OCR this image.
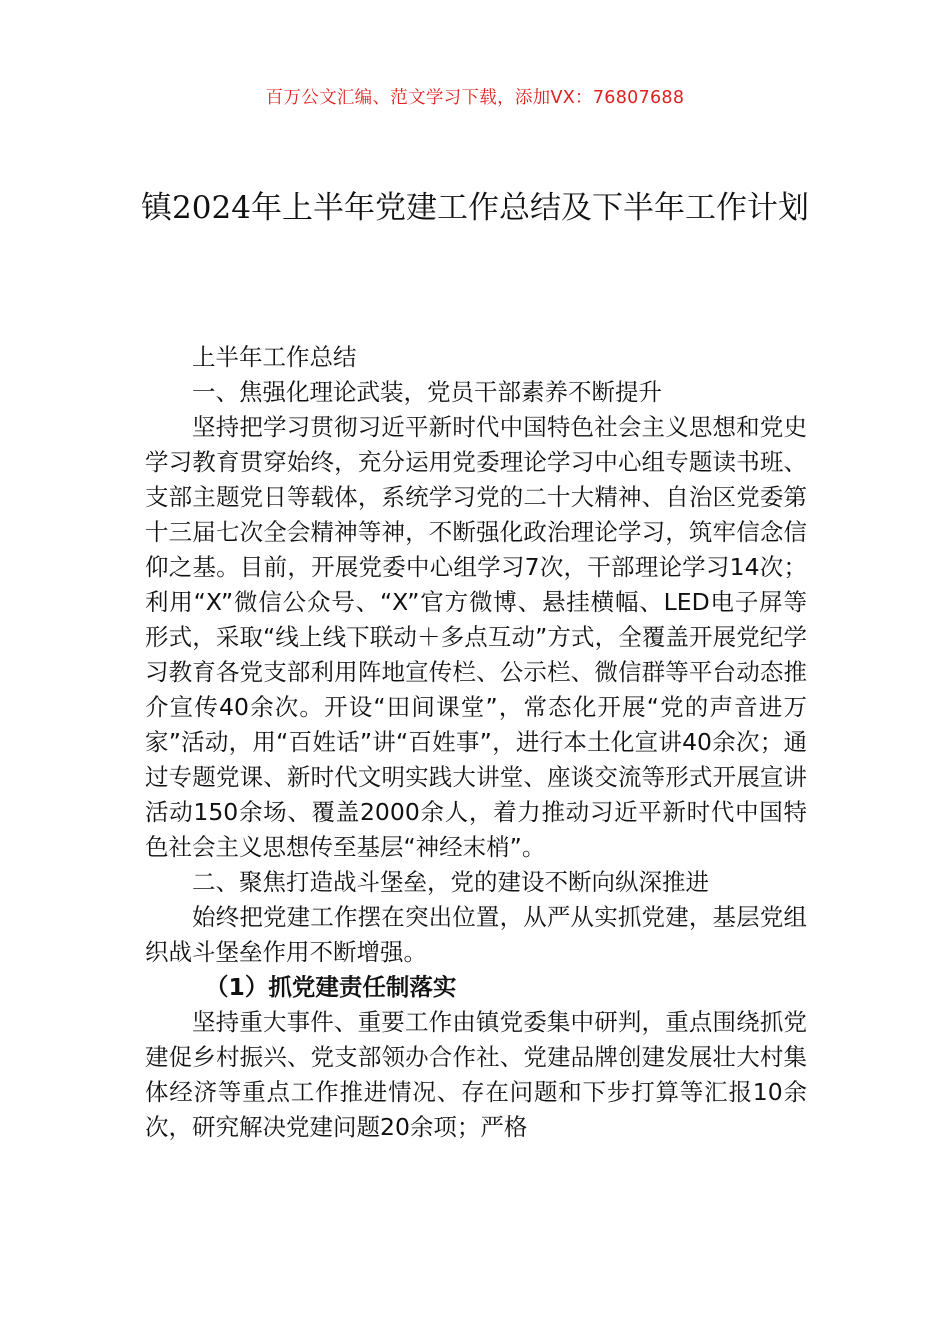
百万公文汇编、范文学习下载，添加VX：76807688
镇2024年上半年党建工作总结及下半年工作计划

上半年工作总结

一、焦强化理论武装，党员干部素养不断提升

坚持把学习贯彻习近平新时代中国特色社会主义思想和党史学习教育贯穿始终，充分运用党委理论学习中心组专题读书班、支部主题党日等载体，系统学习党的二十大精神、自治区党委第十三届七次全会精神等神，不断强化政治理论学习，筑牢信念信仰之基。目前，开展党委中心组学习7次，干部理论学习14次；利用“X”微信公众号、“X”官方微博、悬挂横幅、LED电子屏等形式，采取“线上线下联动＋多点互动”方式，全覆盖开展党纪学习教育各党支部利用阵地宣传栏、公示栏、微信群等平台动态推介宣传40余次。开设“田间课堂”，常态化开展“党的声音进万家”活动，用“百姓话”讲“百姓事”，进行本土化宣讲40余次；通过专题党课、新时代文明实践大讲堂、座谈交流等形式开展宣讲活动150余场、覆盖2000余人，着力推动习近平新时代中国特色社会主义思想传至基层“神经末梢”。

二、聚焦打造战斗堡垒，党的建设不断向纵深推进

始终把党建工作摆在突出位置，从严从实抓党建，基层党组织战斗堡垒作用不断增强。

（1）抓党建责任制落实

坚持重大事件、重要工作由镇党委集中研判，重点围绕抓党建促乡村振兴、党支部领办合作社、党建品牌创建发展壮大村集体经济等重点工作推进情况、存在问题和下步打算等汇报10余次，研究解决党建问题20余项；严格
